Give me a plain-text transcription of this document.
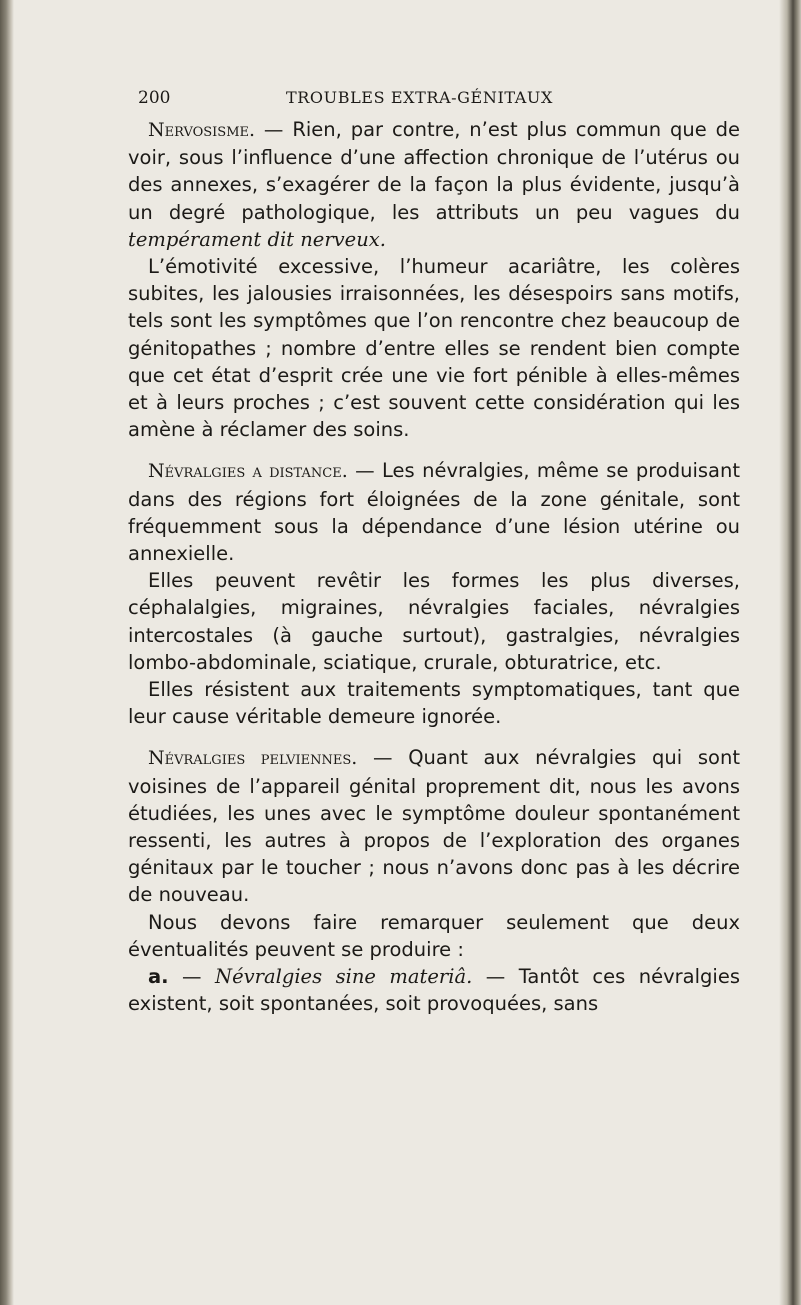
200	TROUBLES EXTRA-GÉNITAUX

Nervosisme. — Rien, par contre, n’est plus commun que de voir, sous l’influence d’une affection chronique de l’utérus ou des annexes, s’exagérer de la façon la plus évidente, jusqu’à un degré pathologique, les attributs un peu vagues du tempérament dit nerveux.

L’émotivité excessive, l’humeur acariâtre, les colères subites, les jalousies irraisonnées, les désespoirs sans motifs, tels sont les symptômes que l’on rencontre chez beaucoup de génitopathes ; nombre d’entre elles se rendent bien compte que cet état d’esprit crée une vie fort pénible à elles-mêmes et à leurs proches ; c’est souvent cette considération qui les amène à réclamer des soins.

Névralgies a distance. — Les névralgies, même se produisant dans des régions fort éloignées de la zone génitale, sont fréquemment sous la dépendance d’une lésion utérine ou annexielle.

Elles peuvent revêtir les formes les plus diverses, céphalalgies, migraines, névralgies faciales, névralgies intercostales (à gauche surtout), gastralgies, névralgies lombo-abdominale, sciatique, crurale, obturatrice, etc.

Elles résistent aux traitements symptomatiques, tant que leur cause véritable demeure ignorée.

Névralgies pelviennes. — Quant aux névralgies qui sont voisines de l’appareil génital proprement dit, nous les avons étudiées, les unes avec le symptôme douleur spontanément ressenti, les autres à propos de l’exploration des organes génitaux par le toucher ; nous n’avons donc pas à les décrire de nouveau.

Nous devons faire remarquer seulement que deux éventualités peuvent se produire :

a. — Névralgies sine materiâ. — Tantôt ces névralgies existent, soit spontanées, soit provoquées, sans
